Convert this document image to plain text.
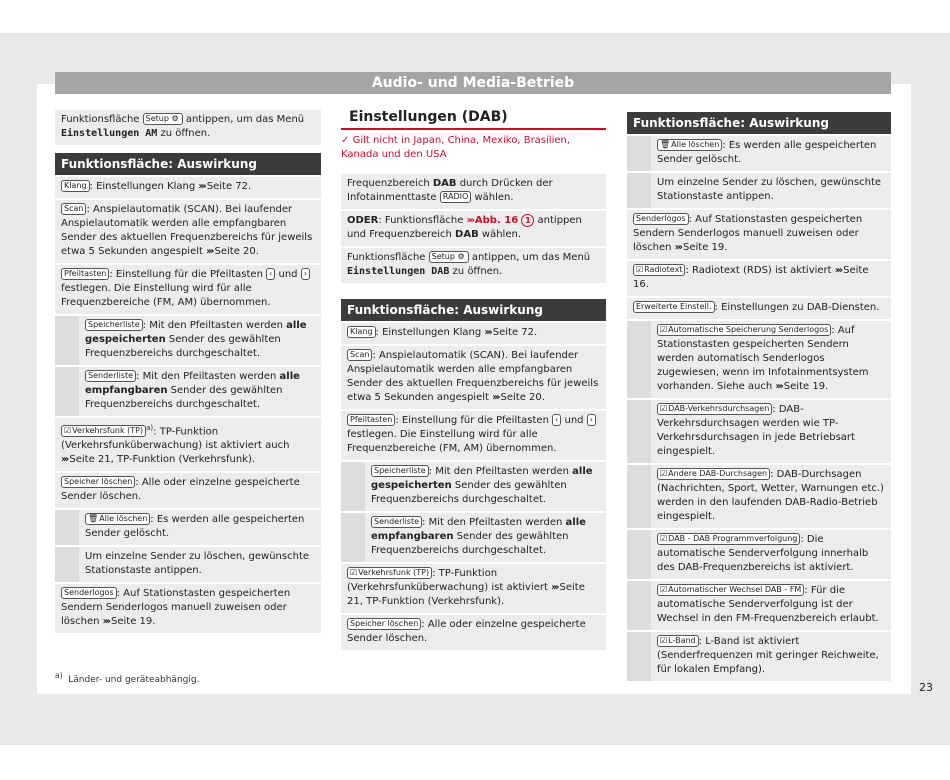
Audio- und Media-Betrieb
Funktionsfläche Setup ⚙ antippen, um das Menü Einstellungen AM zu öffnen.
Funktionsfläche: Auswirkung
Klang : Einstellungen Klang ››› Seite 72.
Scan : Anspielautomatik (SCAN). Bei laufender Anspielautomatik werden alle empfangbaren Sender des aktuellen Frequenzbereichs für jeweils etwa 5 Sekunden angespielt ››› Seite 20.
Pfeiltasten : Einstellung für die Pfeiltasten ‹ und › festlegen. Die Einstellung wird für alle Frequenzbereiche (FM, AM) übernommen.
Speicherliste : Mit den Pfeiltasten werden alle gespeicherten Sender des gewählten Frequenzbereichs durchgeschaltet.
Senderliste : Mit den Pfeiltasten werden alle empfangbaren Sender des gewählten Frequenzbereichs durchgeschaltet.
☑Verkehrsfunk (TP) $^{a)}$: TP-Funktion (Verkehrsfunküberwachung) ist aktiviert auch ››› Seite 21, TP-Funktion (Verkehrsfunk).
Speicher löschen : Alle oder einzelne gespeicherte Sender löschen.
🗑Alle löschen : Es werden alle gespeicherten Sender gelöscht.
Um einzelne Sender zu löschen, gewünschte Stationstaste antippen.
Senderlogos : Auf Stationstasten gespeicherten Sendern Senderlogos manuell zuweisen oder löschen ››› Seite 19.
$^{a)}$ Länder- und geräteabhängig.
Einstellungen (DAB)
✓ Gilt nicht in Japan, China, Mexiko, Brasilien, Kanada und den USA
Frequenzbereich DAB durch Drücken der Infotainmenttaste RADIO wählen.
ODER: Funktionsfläche ››› Abb. 16 1 antippen und Frequenzbereich DAB wählen.
Funktionsfläche Setup ⚙ antippen, um das Menü Einstellungen DAB zu öffnen.
Funktionsfläche: Auswirkung
Klang : Einstellungen Klang ››› Seite 72.
Scan : Anspielautomatik (SCAN). Bei laufender Anspielautomatik werden alle empfangbaren Sender des aktuellen Frequenzbereichs für jeweils etwa 5 Sekunden angespielt ››› Seite 20.
Pfeiltasten : Einstellung für die Pfeiltasten ‹ und › festlegen. Die Einstellung wird für alle Frequenzbereiche (FM, AM) übernommen.
Speicherliste : Mit den Pfeiltasten werden alle gespeicherten Sender des gewählten Frequenzbereichs durchgeschaltet.
Senderliste : Mit den Pfeiltasten werden alle empfangbaren Sender des gewählten Frequenzbereichs durchgeschaltet.
☑Verkehrsfunk (TP) : TP-Funktion (Verkehrsfunküberwachung) ist aktiviert ››› Seite 21, TP-Funktion (Verkehrsfunk).
Speicher löschen : Alle oder einzelne gespeicherte Sender löschen.
Funktionsfläche: Auswirkung
🗑Alle löschen : Es werden alle gespeicherten Sender gelöscht.
Um einzelne Sender zu löschen, gewünschte Stationstaste antippen.
Senderlogos : Auf Stationstasten gespeicherten Sendern Senderlogos manuell zuweisen oder löschen ››› Seite 19.
☑Radiotext : Radiotext (RDS) ist aktiviert ››› Seite 16.
Erweiterte Einstell. : Einstellungen zu DAB-Diensten.
☑Automatische Speicherung Senderlogos : Auf Stationstasten gespeicherten Sendern werden automatisch Senderlogos zugewiesen, wenn im Infotainmentsystem vorhanden. Siehe auch ››› Seite 19.
☑DAB-Verkehrsdurchsagen : DAB-Verkehrsdurchsagen werden wie TP-Verkehrsdurchsagen in jede Betriebsart eingespielt.
☑Andere DAB-Durchsagen : DAB-Durchsagen (Nachrichten, Sport, Wetter, Warnungen etc.) werden in den laufenden DAB-Radio-Betrieb eingespielt.
☑DAB - DAB Programmverfolgung : Die automatische Senderverfolgung innerhalb des DAB-Frequenzbereichs ist aktiviert.
☑Automatischer Wechsel DAB - FM : Für die automatische Senderverfolgung ist der Wechsel in den FM-Frequenzbereich erlaubt.
☑L-Band : L-Band ist aktiviert (Senderfrequenzen mit geringer Reichweite, für lokalen Empfang).
23
